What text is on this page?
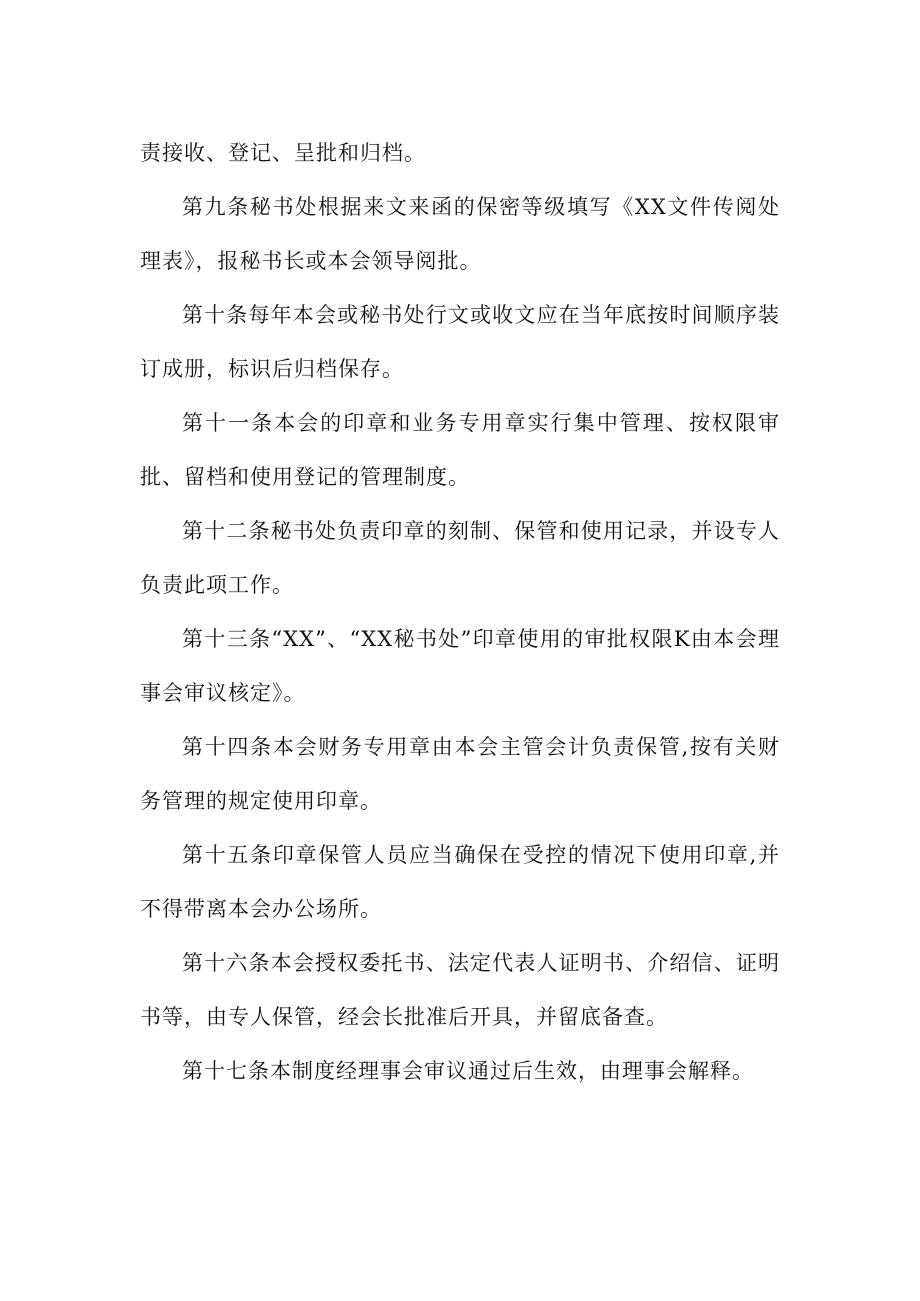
责接收、登记、呈批和归档。

第九条秘书处根据来文来函的保密等级填写《XX文件传阅处理表》，报秘书长或本会领导阅批。

第十条每年本会或秘书处行文或收文应在当年底按时间顺序装订成册，标识后归档保存。

第十一条本会的印章和业务专用章实行集中管理、按权限审批、留档和使用登记的管理制度。

第十二条秘书处负责印章的刻制、保管和使用记录，并设专人负责此项工作。

第十三条“XX”、“XX秘书处”印章使用的审批权限K由本会理事会审议核定》。

第十四条本会财务专用章由本会主管会计负责保管,按有关财务管理的规定使用印章。

第十五条印章保管人员应当确保在受控的情况下使用印章,并不得带离本会办公场所。

第十六条本会授权委托书、法定代表人证明书、介绍信、证明书等，由专人保管，经会长批准后开具，并留底备查。

第十七条本制度经理事会审议通过后生效，由理事会解释。
